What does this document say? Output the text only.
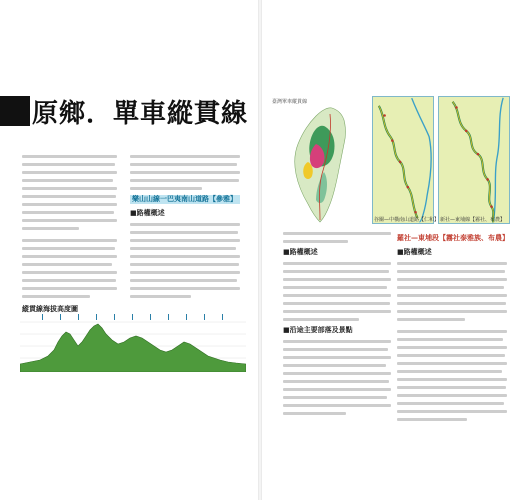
原鄉．單車縱貫線
樂山山線一巴夷南山道路【參雅】
■路權概述
縱貫線海拔高度圖
臺灣單車縱貫線
谷關—中橫南山道路【仁和】 新社—東埔線【霧社、布農】
■路權概述
■沿途主要部落及景點
羅社—東埔段【霧社泰雅族、布農】
■路權概述
